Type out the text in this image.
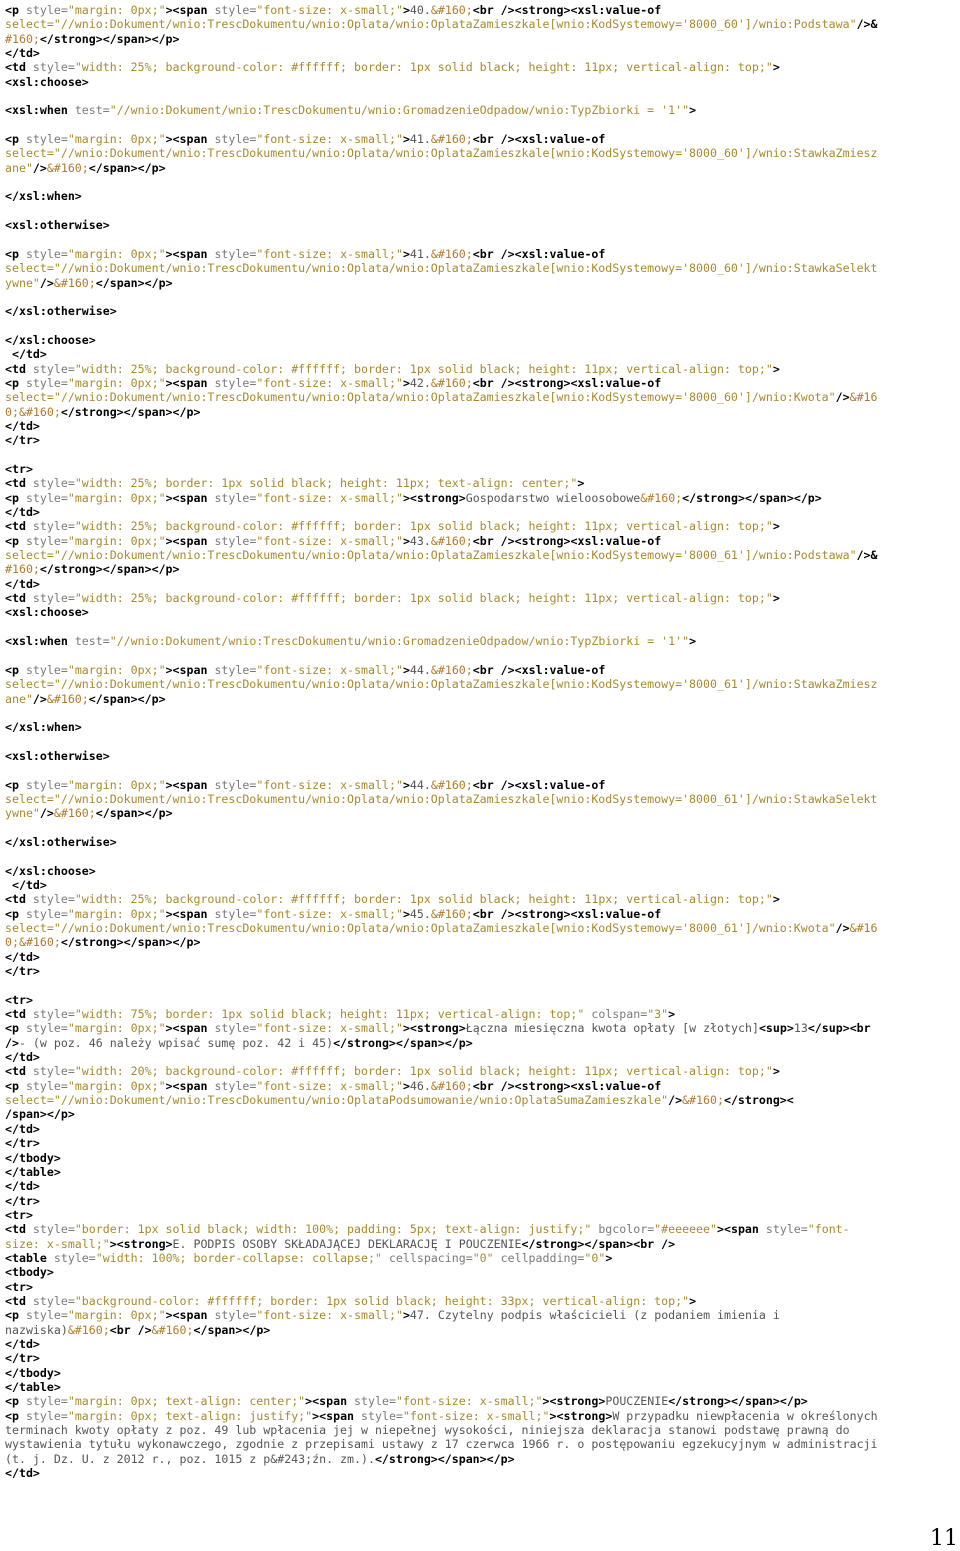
<p style="margin: 0px;"><span style="font-size: x-small;">40.&#160;<br /><strong><xsl:value-of
select="//wnio:Dokument/wnio:TrescDokumentu/wnio:Oplata/wnio:OplataZamieszkale[wnio:KodSystemowy='8000_60']/wnio:Podstawa"/>&
#160;</strong></span></p>
</td>
<td style="width: 25%; background-color: #ffffff; border: 1px solid black; height: 11px; vertical-align: top;">
<xsl:choose>
<xsl:when test="//wnio:Dokument/wnio:TrescDokumentu/wnio:GromadzenieOdpadow/wnio:TypZbiorki = '1'">
<p style="margin: 0px;"><span style="font-size: x-small;">41.&#160;<br /><xsl:value-of
select="//wnio:Dokument/wnio:TrescDokumentu/wnio:Oplata/wnio:OplataZamieszkale[wnio:KodSystemowy='8000_60']/wnio:StawkaZmiesz
ane"/>&#160;</span></p>
</xsl:when>
<xsl:otherwise>
<p style="margin: 0px;"><span style="font-size: x-small;">41.&#160;<br /><xsl:value-of
select="//wnio:Dokument/wnio:TrescDokumentu/wnio:Oplata/wnio:OplataZamieszkale[wnio:KodSystemowy='8000_60']/wnio:StawkaSelekt
ywne"/>&#160;</span></p>
</xsl:otherwise>
</xsl:choose>
</td>
<td style="width: 25%; background-color: #ffffff; border: 1px solid black; height: 11px; vertical-align: top;">
<p style="margin: 0px;"><span style="font-size: x-small;">42.&#160;<br /><strong><xsl:value-of
select="//wnio:Dokument/wnio:TrescDokumentu/wnio:Oplata/wnio:OplataZamieszkale[wnio:KodSystemowy='8000_60']/wnio:Kwota"/>&#16
0;&#160;</strong></span></p>
</td>
</tr>
<tr>
<td style="width: 25%; border: 1px solid black; height: 11px; text-align: center;">
<p style="margin: 0px;"><span style="font-size: x-small;"><strong>Gospodarstwo wieloosobowe&#160;</strong></span></p>
</td>
<td style="width: 25%; background-color: #ffffff; border: 1px solid black; height: 11px; vertical-align: top;">
<p style="margin: 0px;"><span style="font-size: x-small;">43.&#160;<br /><strong><xsl:value-of
select="//wnio:Dokument/wnio:TrescDokumentu/wnio:Oplata/wnio:OplataZamieszkale[wnio:KodSystemowy='8000_61']/wnio:Podstawa"/>&
#160;</strong></span></p>
</td>
<td style="width: 25%; background-color: #ffffff; border: 1px solid black; height: 11px; vertical-align: top;">
<xsl:choose>
<xsl:when test="//wnio:Dokument/wnio:TrescDokumentu/wnio:GromadzenieOdpadow/wnio:TypZbiorki = '1'">
<p style="margin: 0px;"><span style="font-size: x-small;">44.&#160;<br /><xsl:value-of
select="//wnio:Dokument/wnio:TrescDokumentu/wnio:Oplata/wnio:OplataZamieszkale[wnio:KodSystemowy='8000_61']/wnio:StawkaZmiesz
ane"/>&#160;</span></p>
</xsl:when>
<xsl:otherwise>
<p style="margin: 0px;"><span style="font-size: x-small;">44.&#160;<br /><xsl:value-of
select="//wnio:Dokument/wnio:TrescDokumentu/wnio:Oplata/wnio:OplataZamieszkale[wnio:KodSystemowy='8000_61']/wnio:StawkaSelekt
ywne"/>&#160;</span></p>
</xsl:otherwise>
</xsl:choose>
</td>
<td style="width: 25%; background-color: #ffffff; border: 1px solid black; height: 11px; vertical-align: top;">
<p style="margin: 0px;"><span style="font-size: x-small;">45.&#160;<br /><strong><xsl:value-of
select="//wnio:Dokument/wnio:TrescDokumentu/wnio:Oplata/wnio:OplataZamieszkale[wnio:KodSystemowy='8000_61']/wnio:Kwota"/>&#16
0;&#160;</strong></span></p>
</td>
</tr>
<tr>
<td style="width: 75%; border: 1px solid black; height: 11px; vertical-align: top;" colspan="3">
<p style="margin: 0px;"><span style="font-size: x-small;"><strong>Łączna miesięczna kwota opłaty [w złotych]<sup>13</sup><br
/>- (w poz. 46 należy wpisać sumę poz. 42 i 45)</strong></span></p>
</td>
<td style="width: 20%; background-color: #ffffff; border: 1px solid black; height: 11px; vertical-align: top;">
<p style="margin: 0px;"><span style="font-size: x-small;">46.&#160;<br /><strong><xsl:value-of
select="//wnio:Dokument/wnio:TrescDokumentu/wnio:OplataPodsumowanie/wnio:OplataSumaZamieszkale"/>&#160;</strong><
/span></p>
</td>
</tr>
</tbody>
</table>
</td>
</tr>
<tr>
<td style="border: 1px solid black; width: 100%; padding: 5px; text-align: justify;" bgcolor="#eeeeee"><span style="font-
size: x-small;"><strong>E. PODPIS OSOBY SKŁADAJĄCEJ DEKLARACJĘ I POUCZENIE</strong></span><br />
<table style="width: 100%; border-collapse: collapse;" cellspacing="0" cellpadding="0">
<tbody>
<tr>
<td style="background-color: #ffffff; border: 1px solid black; height: 33px; vertical-align: top;">
<p style="margin: 0px;"><span style="font-size: x-small;">47. Czytelny podpis właścicieli (z podaniem imienia i
nazwiska)&#160;<br />&#160;</span></p>
</td>
</tr>
</tbody>
</table>
<p style="margin: 0px; text-align: center;"><span style="font-size: x-small;"><strong>POUCZENIE</strong></span></p>
<p style="margin: 0px; text-align: justify;"><span style="font-size: x-small;"><strong>W przypadku niewpłacenia w określonych
terminach kwoty opłaty z poz. 49 lub wpłacenia jej w niepełnej wysokości, niniejsza deklaracja stanowi podstawę prawną do
wystawienia tytułu wykonawczego, zgodnie z przepisami ustawy z 17 czerwca 1966 r. o postępowaniu egzekucyjnym w administracji
(t. j. Dz. U. z 2012 r., poz. 1015 z p&#243;źn. zm.).</strong></span></p>
</td>
11
